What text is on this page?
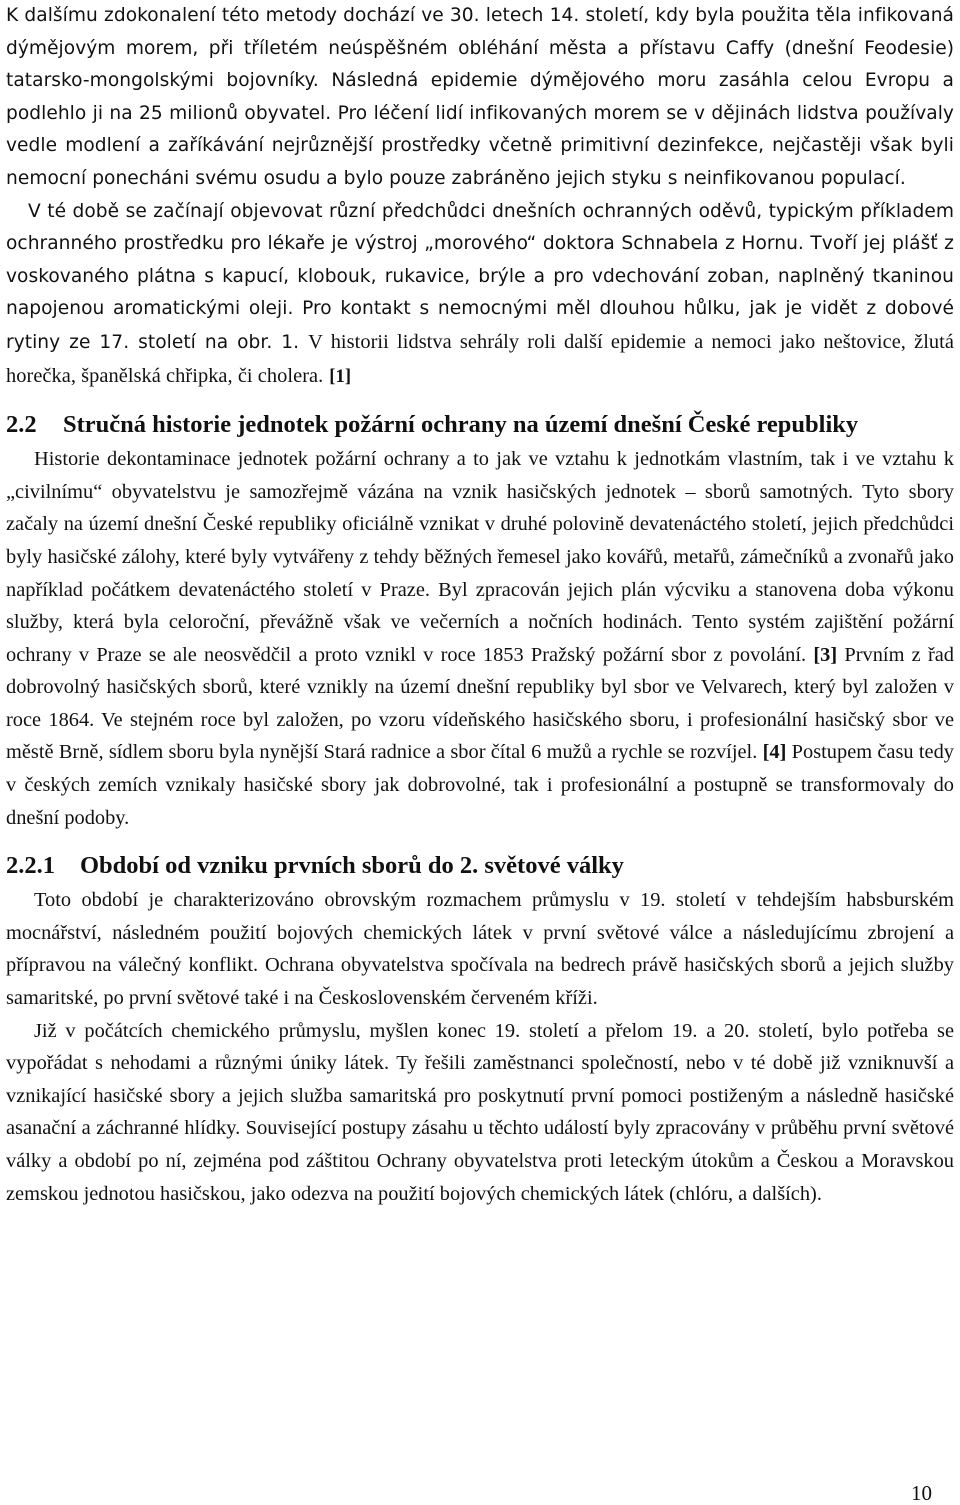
K dalšímu zdokonalení této metody dochází ve 30. letech 14. století, kdy byla použita těla infikovaná dýmějovým morem, při tříletém neúspěšném obléhání města a přístavu Caffy (dnešní Feodesie) tatarsko-mongolskými bojovníky. Následná epidemie dýmějového moru zasáhla celou Evropu a podlehlo ji na 25 milionů obyvatel. Pro léčení lidí infikovaných morem se v dějinách lidstva používaly vedle modlení a zaříkávání nejrůznější prostředky včetně primitivní dezinfekce, nejčastěji však byli nemocní ponecháni svému osudu a bylo pouze zabráněno jejich styku s neinfikovanou populací.

V té době se začínají objevovat různí předchůdci dnešních ochranných oděvů, typickým příkladem ochranného prostředku pro lékaře je výstroj „morového“ doktora Schnabela z Hornu. Tvoří jej plášť z voskovaného plátna s kapucí, klobouk, rukavice, brýle a pro vdechování zoban, naplněný tkaninou napojenou aromatickými oleji. Pro kontakt s nemocnými měl dlouhou hůlku, jak je vidět z dobové rytiny ze 17. století na obr. 1. V historii lidstva sehrály roli další epidemie a nemoci jako neštovice, žlutá horečka, španělská chřipka, či cholera. [1]

2.2 Stručná historie jednotek požární ochrany na území dnešní České republiky

Historie dekontaminace jednotek požární ochrany a to jak ve vztahu k jednotkám vlastním, tak i ve vztahu k „civilnímu“ obyvatelstvu je samozřejmě vázána na vznik hasičských jednotek – sborů samotných. Tyto sbory začaly na území dnešní České republiky oficiálně vznikat v druhé polovině devatenáctého století, jejich předchůdci byly hasičské zálohy, které byly vytvářeny z tehdy běžných řemesel jako kovářů, metařů, zámečníků a zvonařů jako například počátkem devatenáctého století v Praze. Byl zpracován jejich plán výcviku a stanovena doba výkonu služby, která byla celoroční, převážně však ve večerních a nočních hodinách. Tento systém zajištění požární ochrany v Praze se ale neosvědčil a proto vznikl v roce 1853 Pražský požární sbor z povolání. [3] Prvním z řad dobrovolný hasičských sborů, které vznikly na území dnešní republiky byl sbor ve Velvarech, který byl založen v roce 1864. Ve stejném roce byl založen, po vzoru vídeňského hasičského sboru, i profesionální hasičský sbor ve městě Brně, sídlem sboru byla nynější Stará radnice a sbor čítal 6 mužů a rychle se rozvíjel. [4] Postupem času tedy v českých zemích vznikaly hasičské sbory jak dobrovolné, tak i profesionální a postupně se transformovaly do dnešní podoby.

2.2.1 Období od vzniku prvních sborů do 2. světové války

Toto období je charakterizováno obrovským rozmachem průmyslu v 19. století v tehdejším habsburském mocnářství, následném použití bojových chemických látek v první světové válce a následujícímu zbrojení a přípravou na válečný konflikt. Ochrana obyvatelstva spočívala na bedrech právě hasičských sborů a jejich služby samaritské, po první světové také i na Československém červeném kříži.

Již v počátcích chemického průmyslu, myšlen konec 19. století a přelom 19. a 20. století, bylo potřeba se vypořádat s nehodami a různými úniky látek. Ty řešili zaměstnanci společností, nebo v té době již vzniknuvší a vznikající hasičské sbory a jejich služba samaritská pro poskytnutí první pomoci postiženým a následně hasičské asanační a záchranné hlídky. Související postupy zásahu u těchto událostí byly zpracovány v průběhu první světové války a období po ní, zejména pod záštitou Ochrany obyvatelstva proti leteckým útokům a Českou a Moravskou zemskou jednotou hasičskou, jako odezva na použití bojových chemických látek (chlóru, a dalších).

10
